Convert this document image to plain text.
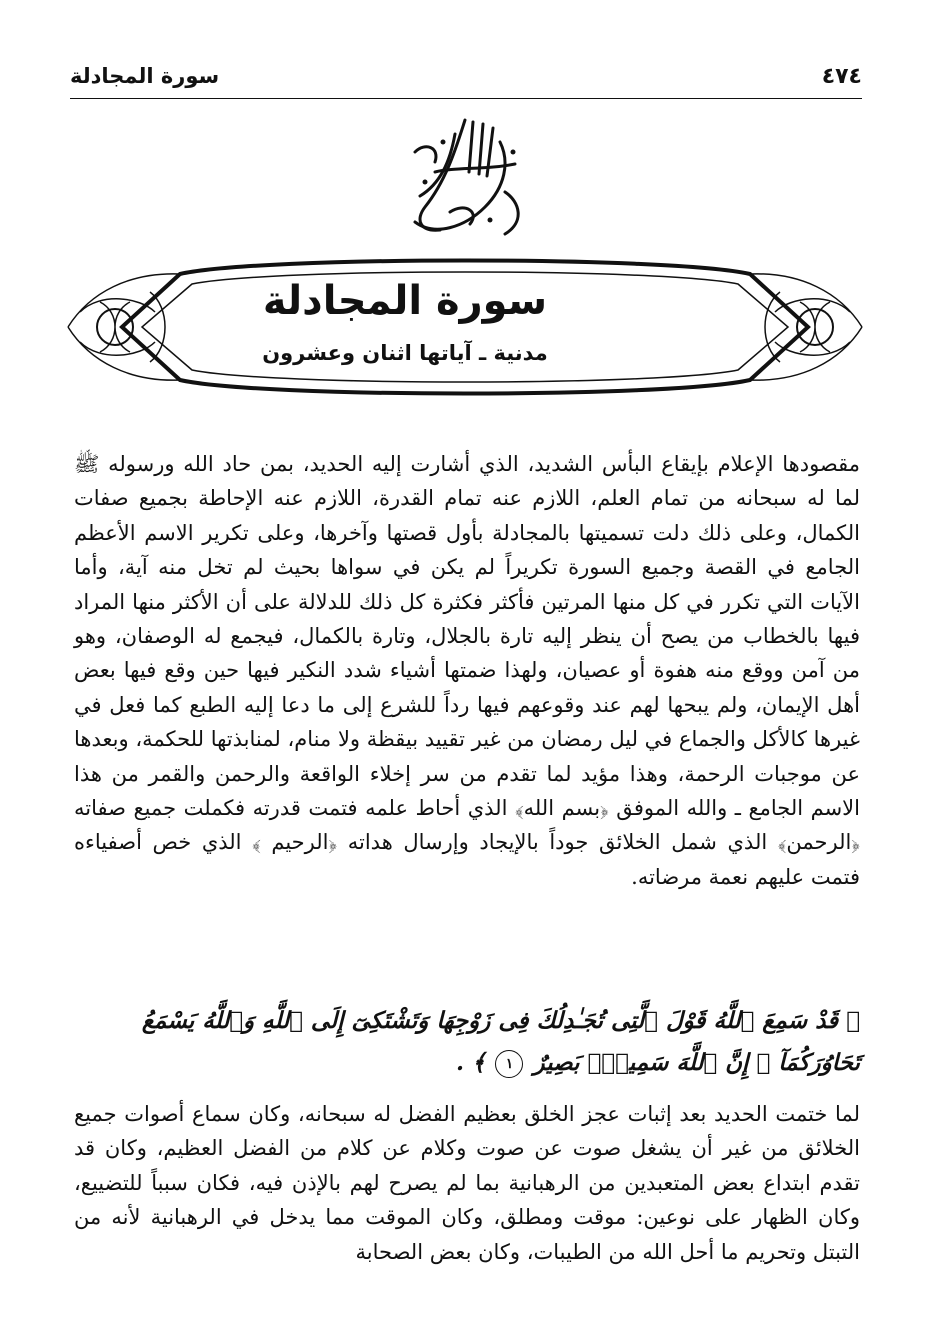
٤٧٤
سورة المجادلة
سورة المجادلة
مدنية ـ آياتها اثنان وعشرون

مقصودها الإعلام بإيقاع البأس الشديد، الذي أشارت إليه الحديد، بمن حاد الله ورسوله ﷺ لما له سبحانه من تمام العلم، اللازم عنه تمام القدرة، اللازم عنه الإحاطة بجميع صفات الكمال، وعلى ذلك دلت تسميتها بالمجادلة بأول قصتها وآخرها، وعلى تكرير الاسم الأعظم الجامع في القصة وجميع السورة تكريراً لم يكن في سواها بحيث لم تخل منه آية، وأما الآيات التي تكرر في كل منها المرتين فأكثر فكثرة كل ذلك للدلالة على أن الأكثر منها المراد فيها بالخطاب من يصح أن ينظر إليه تارة بالجلال، وتارة بالكمال، فيجمع له الوصفان، وهو من آمن ووقع منه هفوة أو عصيان، ولهذا ضمتها أشياء شدد النكير فيها حين وقع فيها بعض أهل الإيمان، ولم يبحها لهم عند وقوعهم فيها رداً للشرع إلى ما دعا إليه الطبع كما فعل في غيرها كالأكل والجماع في ليل رمضان من غير تقييد بيقظة ولا منام، لمنابذتها للحكمة، وبعدها عن موجبات الرحمة، وهذا مؤيد لما تقدم من سر إخلاء الواقعة والرحمن والقمر من هذا الاسم الجامع ـ والله الموفق ﴿بسم الله﴾ الذي أحاط علمه فتمت قدرته فكملت جميع صفاته ﴿الرحمن﴾ الذي شمل الخلائق جوداً بالإيجاد وإرسال هداته ﴿الرحيم ﴾ الذي خص أصفياءه فتمت عليهم نعمة مرضاته.

﴿ قَدْ سَمِعَ ٱللَّهُ قَوْلَ ٱلَّتِى تُجَـٰدِلُكَ فِى زَوْجِهَا وَتَشْتَكِىٓ إِلَى ٱللَّهِ وَٱللَّهُ يَسْمَعُ تَحَاوُرَكُمَآ ۚ إِنَّ ٱللَّهَ سَمِيعٌۢ بَصِيرٌ ١ ﴾ .

لما ختمت الحديد بعد إثبات عجز الخلق بعظيم الفضل له سبحانه، وكان سماع أصوات جميع الخلائق من غير أن يشغل صوت عن صوت وكلام عن كلام من الفضل العظيم، وكان قد تقدم ابتداع بعض المتعبدين من الرهبانية بما لم يصرح لهم بالإذن فيه، فكان سبباً للتضييع، وكان الظهار على نوعين: موقت ومطلق، وكان الموقت مما يدخل في الرهبانية لأنه من التبتل وتحريم ما أحل الله من الطيبات، وكان بعض الصحابة
